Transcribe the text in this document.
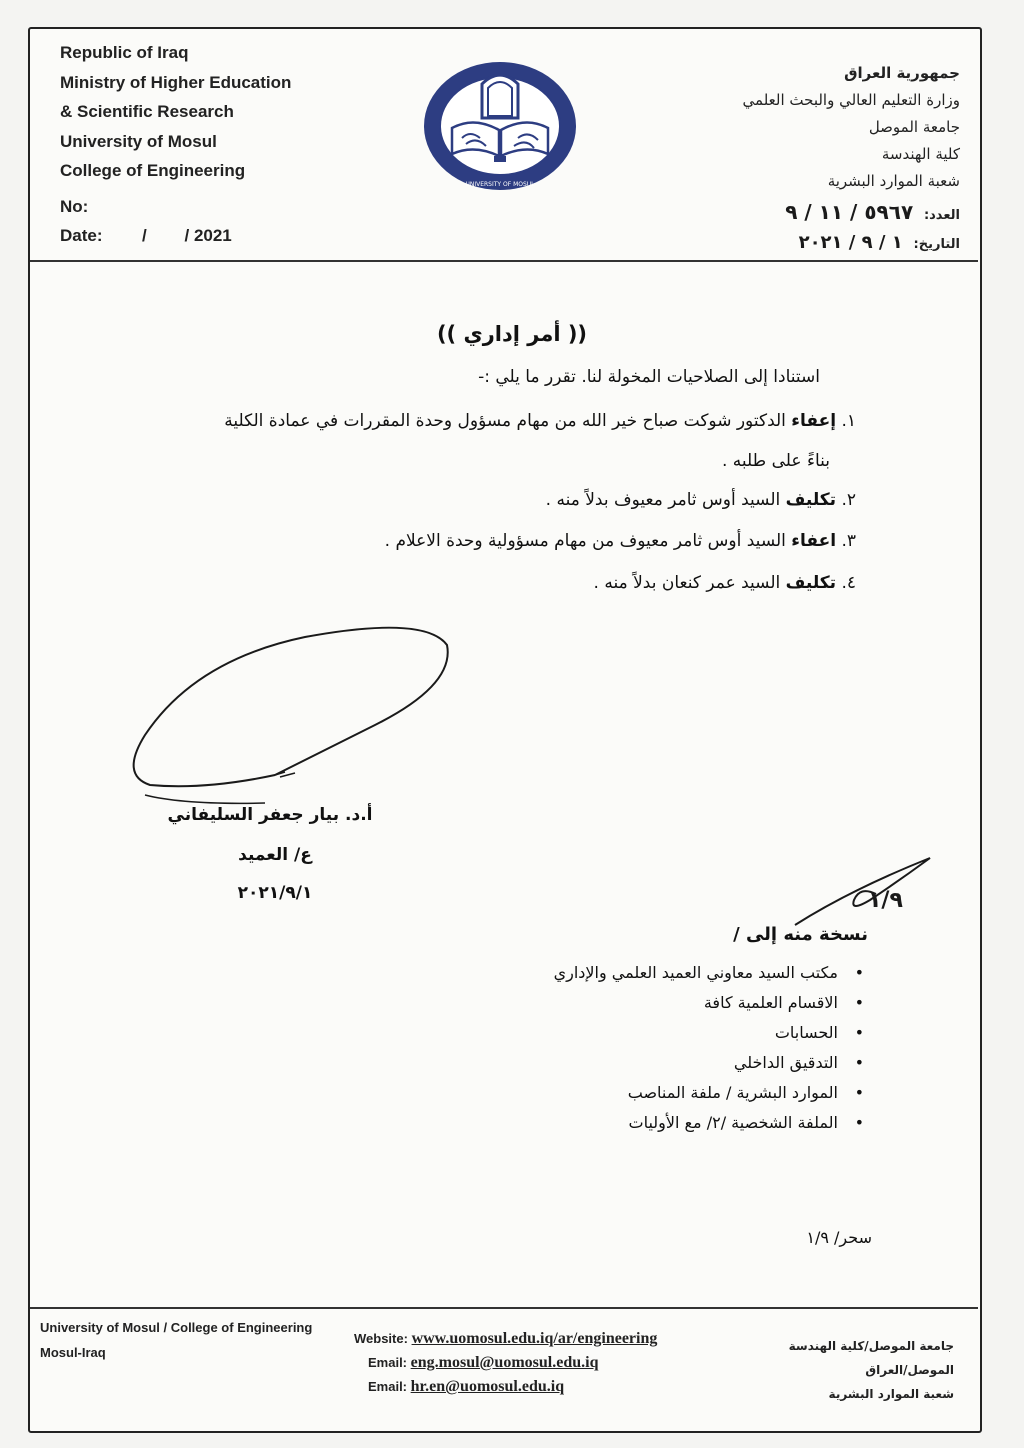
Republic of Iraq
Ministry of Higher Education
& Scientific Research
University of Mosul
College of Engineering
No:
Date: /        / 2021
UNIVERSITY OF MOSUL
جمهورية العراق
وزارة التعليم العالي والبحث العلمي
جامعة الموصل
كلية الهندسة
شعبة الموارد البشرية
العدد: ٥٩٦٧ / ١١ / ٩
التاريخ: ١ / ٩ / ٢٠٢١
(( أمر إداري ))
استنادا إلى الصلاحيات المخولة لنا. تقرر ما يلي :-
١. إعفاء الدكتور شوكت صباح خير الله من مهام مسؤول وحدة المقررات في عمادة الكلية
بناءً على طلبه .
٢. تكليف السيد أوس ثامر معيوف بدلاً منه .
٣. اعفاء السيد أوس ثامر معيوف من مهام مسؤولية وحدة الاعلام .
٤. تكليف السيد عمر كنعان بدلاً منه .
أ.د. بيار جعفر السليفاني
ع/ العميد
٢٠٢١/٩/١	١/٩
نسخة منه إلى /
• مكتب السيد معاوني العميد العلمي والإداري
• الاقسام العلمية كافة
• الحسابات
• التدقيق الداخلي
• الموارد البشرية / ملفة المناصب
• الملفة الشخصية /٢/ مع الأوليات
سحر/ ١/٩
University of Mosul / College of Engineering
Mosul-Iraq
Website: www.uomosul.edu.iq/ar/engineering
Email: eng.mosul@uomosul.edu.iq
Email: hr.en@uomosul.edu.iq
جامعة الموصل/كلية الهندسة
الموصل/العراق
شعبة الموارد البشرية
